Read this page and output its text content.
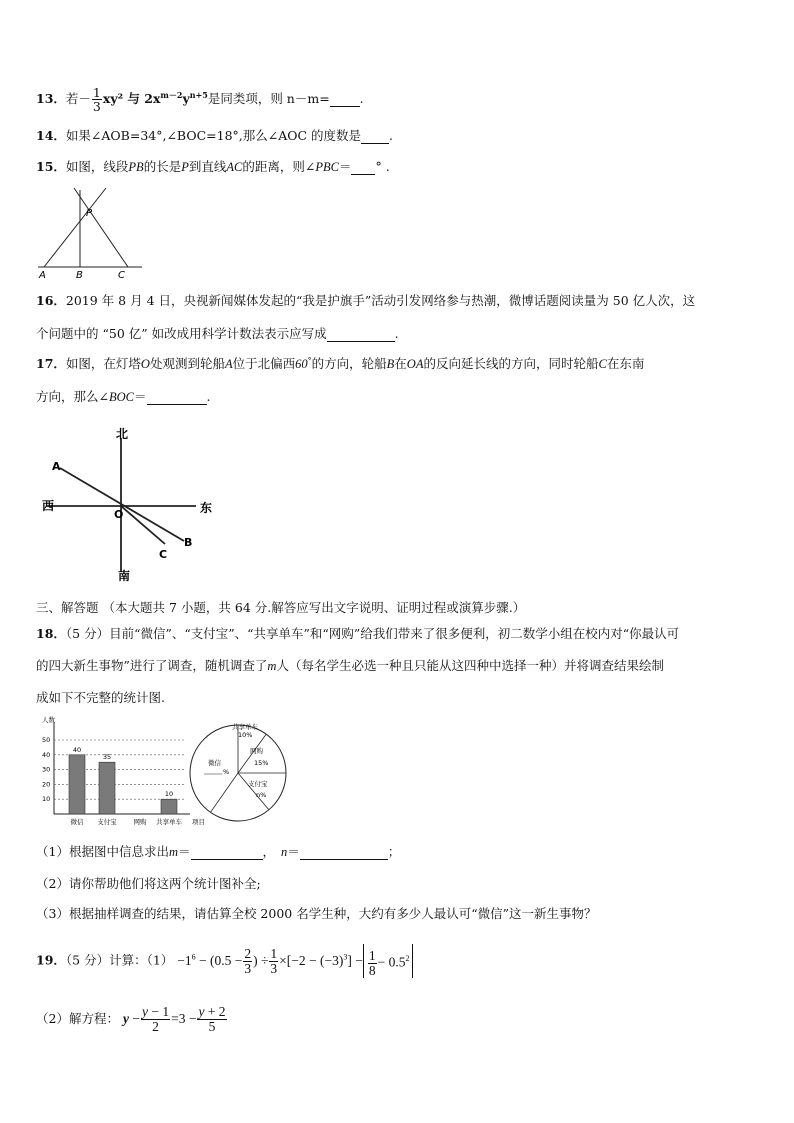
13．若－ $\frac{1}{3} xy^2$ 与 $2x^{m-2}y^{n+5}$是同类项，则 n－m= .
14．如果∠AOB=34°,∠BOC=18°,那么∠AOC 的度数是 .
15．如图，线段PB的长是P到直线AC的距离，则∠PBC＝ ° .
P
A	B	C
16．2019 年 8 月 4 日，央视新闻媒体发起的“我是护旗手”活动引发网络参与热潮，微博话题阅读量为 50 亿人次，这
个问题中的 “50 亿” 如改成用科学计数法表示应写成	.
17．如图，在灯塔O处观测到轮船A位于北偏西60°的方向，轮船B在OA的反向延长线的方向，同时轮船C在东南
方向，那么∠BOC＝	.
北
南
西	东
A
O
B
C
三、解答题 （本大题共 7 小题，共 64 分.解答应写出文字说明、证明过程或演算步骤.）
18．（5 分）目前“微信”、“支付宝”、“共享单车”和“网购”给我们带来了很多便利，初二数学小组在校内对“你最认可
的四大新生事物”进行了调查，随机调查了m人（每名学生必选一种且只能从这四种中选择一种）并将调查结果绘制
成如下不完整的统计图.
人数
项目
10
20
30
40
50
40
微信
35
支付宝	网购
10
共享单车
共享单车
10%
网购
15%
支付宝
n%
微信
%
（1）根据图中信息求出m＝	， n＝	；
（2）请你帮助他们将这两个统计图补全;
（3）根据抽样调查的结果，请估算全校 2000 名学生种，大约有多少人最认可“微信”这一新生事物？
19．（5 分）计算：$(1) -1^6 - (0.5 - \frac{2}{3}$ ) ÷ $\frac{1}{3} \times[-2 - (-3)^3] - \frac{1}{8} - 0.5^2$
（2）解方程： $y - \frac{y - 1}{2} =3 - \frac{y + 2}{5}$
